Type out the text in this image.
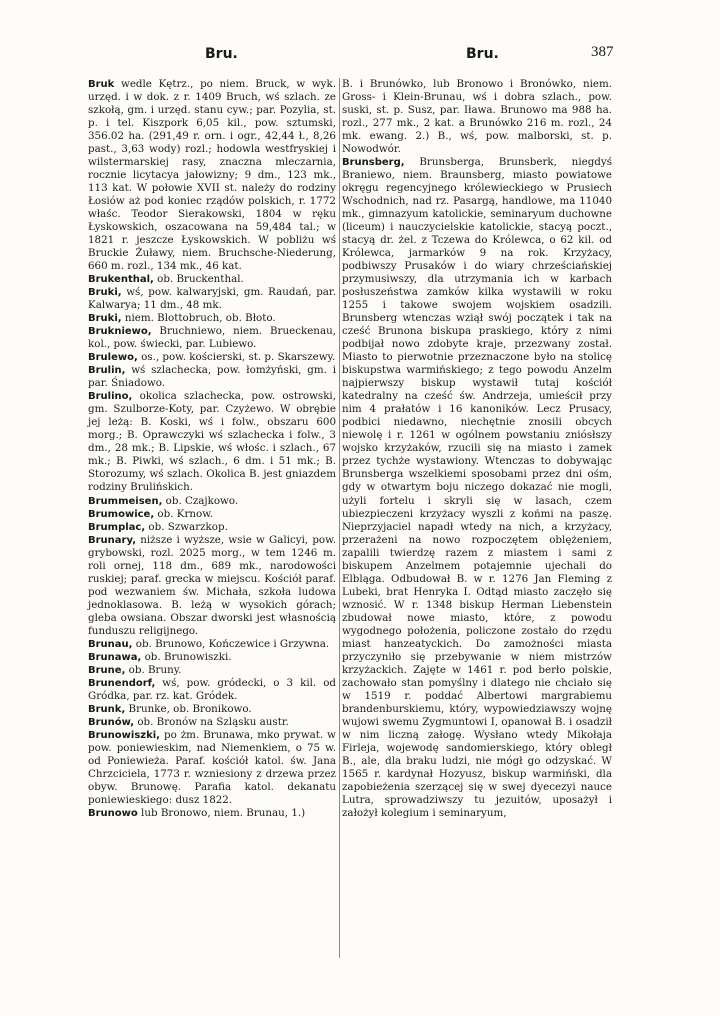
Bru.	Bru.	387

Bruk wedle Kętrz., po niem. Bruck, w wyk. urzęd. i w dok. z r. 1409 Bruch, wś szlach. ze szkołą, gm. i urzęd. stanu cyw.; par. Pozylia, st. p. i tel. Kiszpork 6,05 kil., pow. sztumski, 356.02 ha. (291,49 r. orn. i ogr., 42,44 ł., 8,26 past., 3,63 wody) rozl.; hodowla westfryskiej i wilstermarskiej rasy, znaczna mleczarnia, rocznie licytacya jałowizny; 9 dm., 123 mk., 113 kat. W połowie XVII st. należy do rodziny Łosiów aż pod koniec rządów polskich, r. 1772 właśc. Teodor Sierakowski, 1804 w ręku Łyskowskich, oszacowana na 59,484 tal.; w 1821 r. jeszcze Łyskowskich. W pobliżu wś Bruckie Żuławy, niem. Bruchsche-Niederung, 660 m. rozl., 134 mk., 46 kat.

Brukenthal, ob. Bruckenthal.

Bruki, wś, pow. kalwaryjski, gm. Raudań, par. Kalwarya; 11 dm., 48 mk.

Bruki, niem. Blottobruch, ob. Błoto.

Brukniewo, Bruchniewo, niem. Brueckenau, kol., pow. świecki, par. Lubiewo.

Brulewo, os., pow. kościerski, st. p. Skarszewy.

Brulin, wś szlachecka, pow. łomżyński, gm. i par. Śniadowo.

Brulino, okolica szlachecka, pow. ostrowski, gm. Szulborze-Koty, par. Czyżewo. W obrębie jej leżą: B. Koski, wś i folw., obszaru 600 morg.; B. Oprawczyki wś szlachecka i folw., 3 dm., 28 mk.; B. Lipskie, wś włośc. i szlach., 67 mk.; B. Piwki, wś szlach., 6 dm. i 51 mk.; B. Storozumy, wś szlach. Okolica B. jest gniazdem rodziny Brulińskich.

Brummeisen, ob. Czajkowo.

Brumowice, ob. Krnow.

Brumplac, ob. Szwarzkop.

Brunary, niższe i wyższe, wsie w Galicyi, pow. grybowski, rozl. 2025 morg., w tem 1246 m. roli ornej, 118 dm., 689 mk., narodowości ruskiej; paraf. grecka w miejscu. Kościół paraf. pod wezwaniem św. Michała, szkoła ludowa jednoklasowa. B. leżą w wysokich górach; gleba owsiana. Obszar dworski jest własnością funduszu religijnego.

Brunau, ob. Brunowo, Kończewice i Grzywna.

Brunawa, ob. Brunowiszki.

Brune, ob. Bruny.

Brunendorf, wś, pow. gródecki, o 3 kil. od Gródka, par. rz. kat. Gródek.

Brunk, Brunke, ob. Bronikowo.

Brunów, ob. Bronów na Szląsku austr.

Brunowiszki, po żm. Brunawa, mko prywat. w pow. poniewieskim, nad Niemenkiem, o 75 w. od Poniewieża. Paraf. kościół katol. św. Jana Chrzciciela, 1773 r. wzniesiony z drzewa przez obyw. Brunowę. Parafia katol. dekanatu poniewieskiego: dusz 1822.

Brunowo lub Bronowo, niem. Brunau, 1.)

B. i Brunówko, lub Bronowo i Bronówko, niem. Gross- i Klein-Brunau, wś i dobra szlach., pow. suski, st. p. Susz, par. Iława. Brunowo ma 988 ha. rozl., 277 mk., 2 kat. a Brunówko 216 m. rozl., 24 mk. ewang. 2.) B., wś, pow. malborski, st. p. Nowodwór.

Brunsberg, Brunsberga, Brunsberk, niegdyś Braniewo, niem. Braunsberg, miasto powiatowe okręgu regencyjnego królewieckiego w Prusiech Wschodnich, nad rz. Pasargą, handlowe, ma 11040 mk., gimnazyum katolickie, seminaryum duchowne (liceum) i nauczycielskie katolickie, stacyą poczt., stacyą dr. żel. z Tczewa do Królewca, o 62 kil. od Królewca, jarmarków 9 na rok. Krzyżacy, podbiwszy Prusaków i do wiary chrześciańskiej przymusiwszy, dla utrzymania ich w karbach posłuszeństwa zamków kilka wystawili w roku 1255 i takowe swojem wojskiem osadzili. Brunsberg wtenczas wziął swój początek i tak na cześć Brunona biskupa praskiego, który z nimi podbijał nowo zdobyte kraje, przezwany został. Miasto to pierwotnie przeznaczone było na stolicę biskupstwa warmińskiego; z tego powodu Anzelm najpierwszy biskup wystawił tutaj kościół katedralny na cześć św. Andrzeja, umieścił przy nim 4 prałatów i 16 kanoników. Lecz Prusacy, podbici niedawno, niechętnie znosili obcych niewolę i r. 1261 w ogólnem powstaniu zniósłszy wojsko krzyżaków, rzucili się na miasto i zamek przez tychże wystawiony. Wtenczas to dobywając Brunsberga wszelkiemi sposobami przez dni ośm, gdy w otwartym boju niczego dokazać nie mogli, użyli fortelu i skryli się w lasach, czem ubiezpieczeni krzyżacy wyszli z końmi na paszę. Nieprzyjaciel napadł wtedy na nich, a krzyżacy, przerażeni na nowo rozpoczętem oblężeniem, zapalili twierdzę razem z miastem i sami z biskupem Anzelmem potajemnie ujechali do Elbląga. Odbudował B. w r. 1276 Jan Fleming z Lubeki, brat Henryka I. Odtąd miasto zaczęło się wznosić. W r. 1348 biskup Herman Liebenstein zbudował nowe miasto, które, z powodu wygodnego położenia, policzone zostało do rzędu miast hanzeatyckich. Do zamożności miasta przyczyniło się przebywanie w niem mistrzów krzyżackich. Zajęte w 1461 r. pod berło polskie, zachowało stan pomyślny i dlatego nie chciało się w 1519 r. poddać Albertowi margrabiemu brandenburskiemu, który, wypowiedziawszy wojnę wujowi swemu Zygmuntowi I, opanował B. i osadził w nim liczną załogę. Wysłano wtedy Mikołaja Firleja, wojewodę sandomierskiego, który obległ B., ale, dla braku ludzi, nie mógł go odzyskać. W 1565 r. kardynał Hozyusz, biskup warmiński, dla zapobieżenia szerzącej się w swej dyecezyi nauce Lutra, sprowadziwszy tu jezuitów, uposażył i założył kolegium i seminaryum,
